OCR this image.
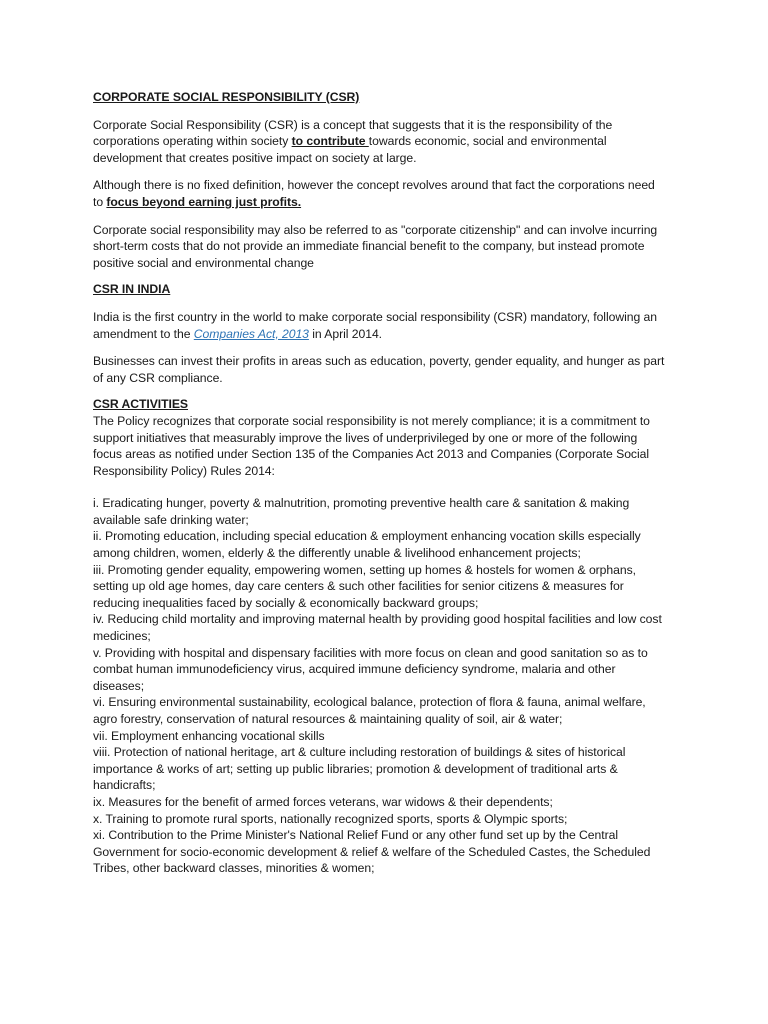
CORPORATE SOCIAL RESPONSIBILITY (CSR)

Corporate Social Responsibility (CSR) is a concept that suggests that it is the responsibility of the corporations operating within society to contribute towards economic, social and environmental development that creates positive impact on society at large.

Although there is no fixed definition, however the concept revolves around that fact the corporations need to focus beyond earning just profits.

Corporate social responsibility may also be referred to as "corporate citizenship" and can involve incurring short-term costs that do not provide an immediate financial benefit to the company, but instead promote positive social and environmental change

CSR IN INDIA

India is the first country in the world to make corporate social responsibility (CSR) mandatory, following an amendment to the Companies Act, 2013 in April 2014.

Businesses can invest their profits in areas such as education, poverty, gender equality, and hunger as part of any CSR compliance.

CSR ACTIVITIES

The Policy recognizes that corporate social responsibility is not merely compliance; it is a commitment to support initiatives that measurably improve the lives of underprivileged by one or more of the following focus areas as notified under Section 135 of the Companies Act 2013 and Companies (Corporate Social Responsibility Policy) Rules 2014:

i. Eradicating hunger, poverty & malnutrition, promoting preventive health care & sanitation & making available safe drinking water;

ii. Promoting education, including special education & employment enhancing vocation skills especially among children, women, elderly & the differently unable & livelihood enhancement projects;

iii. Promoting gender equality, empowering women, setting up homes & hostels for women & orphans, setting up old age homes, day care centers & such other facilities for senior citizens & measures for reducing inequalities faced by socially & economically backward groups;

iv. Reducing child mortality and improving maternal health by providing good hospital facilities and low cost medicines;

v. Providing with hospital and dispensary facilities with more focus on clean and good sanitation so as to combat human immunodeficiency virus, acquired immune deficiency syndrome, malaria and other diseases;

vi. Ensuring environmental sustainability, ecological balance, protection of flora & fauna, animal welfare, agro forestry, conservation of natural resources & maintaining quality of soil, air & water;

vii. Employment enhancing vocational skills

viii. Protection of national heritage, art & culture including restoration of buildings & sites of historical importance & works of art; setting up public libraries; promotion & development of traditional arts & handicrafts;

ix. Measures for the benefit of armed forces veterans, war widows & their dependents;

x. Training to promote rural sports, nationally recognized sports, sports & Olympic sports;

xi. Contribution to the Prime Minister's National Relief Fund or any other fund set up by the Central Government for socio-economic development & relief & welfare of the Scheduled Castes, the Scheduled Tribes, other backward classes, minorities & women;
